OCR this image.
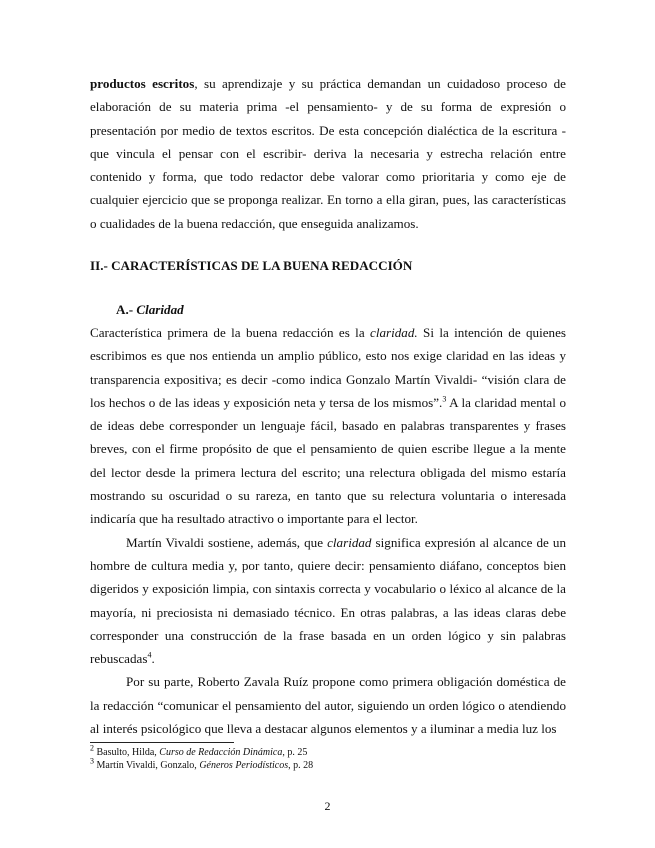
productos escritos, su aprendizaje y su práctica demandan un cuidadoso proceso de elaboración de su materia prima -el pensamiento- y de su forma de expresión o presentación por medio de textos escritos. De esta concepción dialéctica de la escritura -que vincula el pensar con el escribir- deriva la necesaria y estrecha relación entre contenido y forma, que todo redactor debe valorar como prioritaria y como eje de cualquier ejercicio que se proponga realizar. En torno a ella giran, pues, las características o cualidades de la buena redacción, que enseguida analizamos.

II.- CARACTERÍSTICAS DE LA BUENA REDACCIÓN

A.- Claridad

Característica primera de la buena redacción es la claridad. Si la intención de quienes escribimos es que nos entienda un amplio público, esto nos exige claridad en las ideas y transparencia expositiva; es decir -como indica Gonzalo Martín Vivaldi- “visión clara de los hechos o de las ideas y exposición neta y tersa de los mismos”.$^3$ A la claridad mental o de ideas debe corresponder un lenguaje fácil, basado en palabras transparentes y frases breves, con el firme propósito de que el pensamiento de quien escribe llegue a la mente del lector desde la primera lectura del escrito; una relectura obligada del mismo estaría mostrando su oscuridad o su rareza, en tanto que su relectura voluntaria o interesada indicaría que ha resultado atractivo o importante para el lector.

Martín Vivaldi sostiene, además, que claridad significa expresión al alcance de un hombre de cultura media y, por tanto, quiere decir: pensamiento diáfano, conceptos bien digeridos y exposición limpia, con sintaxis correcta y vocabulario o léxico al alcance de la mayoría, ni preciosista ni demasiado técnico. En otras palabras, a las ideas claras debe corresponder una construcción de la frase basada en un orden lógico y sin palabras rebuscadas$^4$.

Por su parte, Roberto Zavala Ruíz propone como primera obligación doméstica de la redacción “comunicar el pensamiento del autor, siguiendo un orden lógico o atendiendo al interés psicológico que lleva a destacar algunos elementos y a iluminar a media luz los

$^2$ Basulto, Hilda, Curso de Redacción Dinámica, p. 25

$^3$ Martín Vivaldi, Gonzalo, Géneros Periodísticos, p. 28

2
